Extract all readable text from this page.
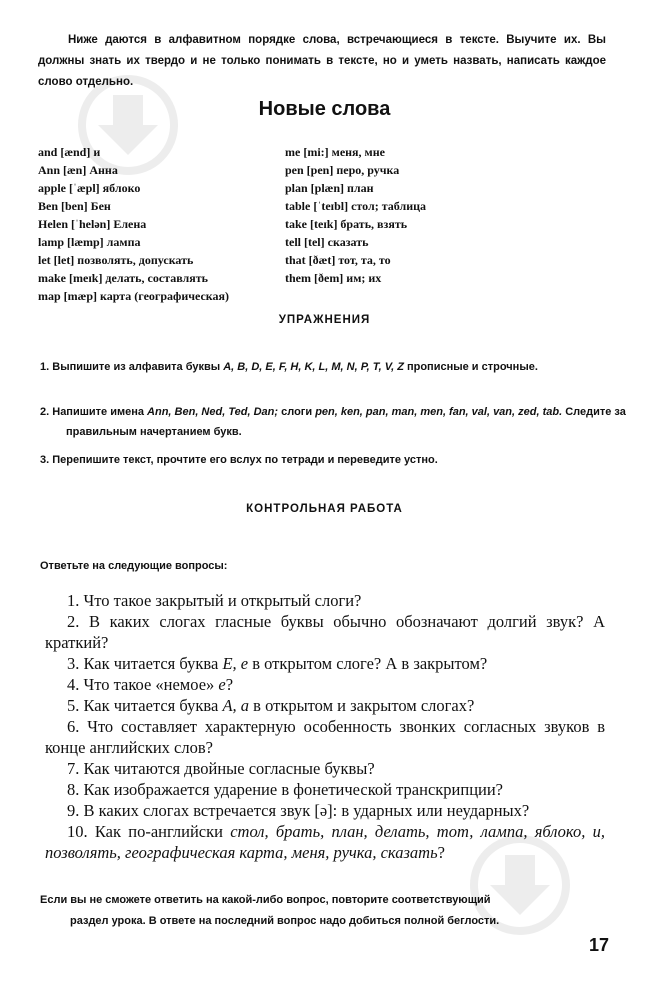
Ниже даются в алфавитном порядке слова, встречающиеся в тексте. Выучите их. Вы должны знать их твердо и не только понимать в тексте, но и уметь назвать, написать каждое слово отдельно.

Новые слова
and [ænd] и
Ann [æn] Анна
apple [ˈæpl] яблоко
Ben [ben] Бен
Helen [ˈhelən] Елена
lamp [læmp] лампа
let [let] позволять, допускать
make [meɪk] делать, составлять
map [mæp] карта (географическая)
me [mi:] меня, мне
pen [pen] перо, ручка
plan [plæn] план
table [ˈteɪbl] стол; таблица
take [teɪk] брать, взять
tell [tel] сказать
that [ðæt] тот, та, то
them [ðem] им; их
УПРАЖНЕНИЯ

1. Выпишите из алфавита буквы A, B, D, E, F, H, K, L, M, N, P, T, V, Z прописные и строчные.

2. Напишите имена Ann, Ben, Ned, Ted, Dan; слоги pen, ken, pan, man, men, fan, val, van, zed, tab. Следите за правильным начертанием букв.

3. Перепишите текст, прочтите его вслух по тетради и переведите устно.

КОНТРОЛЬНАЯ РАБОТА

Ответьте на следующие вопросы:

1. Что такое закрытый и открытый слоги?
2. В каких слогах гласные буквы обычно обозначают долгий звук? А краткий?
3. Как читается буква E, e в открытом слоге? А в закрытом?
4. Что такое «немое» e?
5. Как читается буква A, a в открытом и закрытом слогах?
6. Что составляет характерную особенность звонких согласных звуков в конце английских слов?
7. Как читаются двойные согласные буквы?
8. Как изображается ударение в фонетической транскрипции?
9. В каких слогах встречается звук [ə]: в ударных или неударных?
10. Как по-английски стол, брать, план, делать, тот, лампа, яблоко, и, позволять, географическая карта, меня, ручка, сказать?

Если вы не сможете ответить на какой-либо вопрос, повторите соответствующий
раздел урока. В ответе на последний вопрос надо добиться полной беглости.

17
